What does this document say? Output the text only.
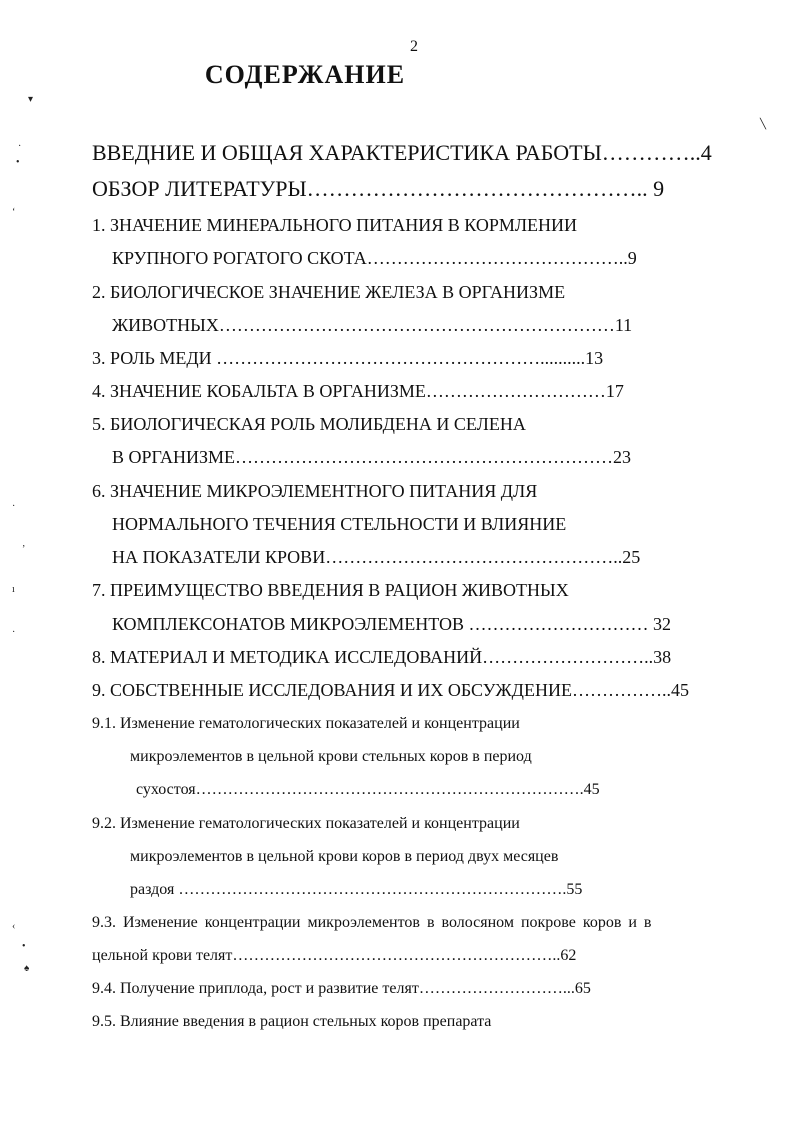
2
СОДЕРЖАНИЕ
ВВЕДНИЕ И ОБЩАЯ ХАРАКТЕРИСТИКА РАБОТЫ…………..4
ОБЗОР ЛИТЕРАТУРЫ……………………………………….. 9
1. ЗНАЧЕНИЕ МИНЕРАЛЬНОГО ПИТАНИЯ В КОРМЛЕНИИ
КРУПНОГО РОГАТОГО СКОТА……………………………………..9
2. БИОЛОГИЧЕСКОЕ ЗНАЧЕНИЕ ЖЕЛЕЗА В ОРГАНИЗМЕ
ЖИВОТНЫХ…………………………………………………………11
3. РОЛЬ МЕДИ ………………………………………………..........13
4. ЗНАЧЕНИЕ КОБАЛЬТА В ОРГАНИЗМЕ…………………………17
5. БИОЛОГИЧЕСКАЯ РОЛЬ МОЛИБДЕНА И СЕЛЕНА
В ОРГАНИЗМЕ………………………………………………………23
6. ЗНАЧЕНИЕ МИКРОЭЛЕМЕНТНОГО ПИТАНИЯ ДЛЯ
НОРМАЛЬНОГО ТЕЧЕНИЯ СТЕЛЬНОСТИ И ВЛИЯНИЕ
НА ПОКАЗАТЕЛИ КРОВИ…………………………………………..25
7. ПРЕИМУЩЕСТВО ВВЕДЕНИЯ В РАЦИОН ЖИВОТНЫХ
КОМПЛЕКСОНАТОВ МИКРОЭЛЕМЕНТОВ ………………………… 32
8. МАТЕРИАЛ И МЕТОДИКА ИССЛЕДОВАНИЙ………………………..38
9. СОБСТВЕННЫЕ ИССЛЕДОВАНИЯ И ИХ ОБСУЖДЕНИЕ……………..45
9.1. Изменение гематологических показателей и концентрации
микроэлементов в цельной крови стельных коров в период
сухостоя……………………………………………………………….45
9.2. Изменение гематологических показателей и концентрации
микроэлементов в цельной крови коров в период двух месяцев
раздоя ……………………………………………………………….55
9.3. Изменение концентрации микроэлементов в волосяном покрове коров и в
цельной крови телят……………………………………………………..62
9.4. Получение приплода, рост и развитие телят………………………...65
9.5. Влияние введения в рацион стельных коров препарата
▾
·
•
ʻ
╲
·
ʼ
ı
·
‹
•
♠
